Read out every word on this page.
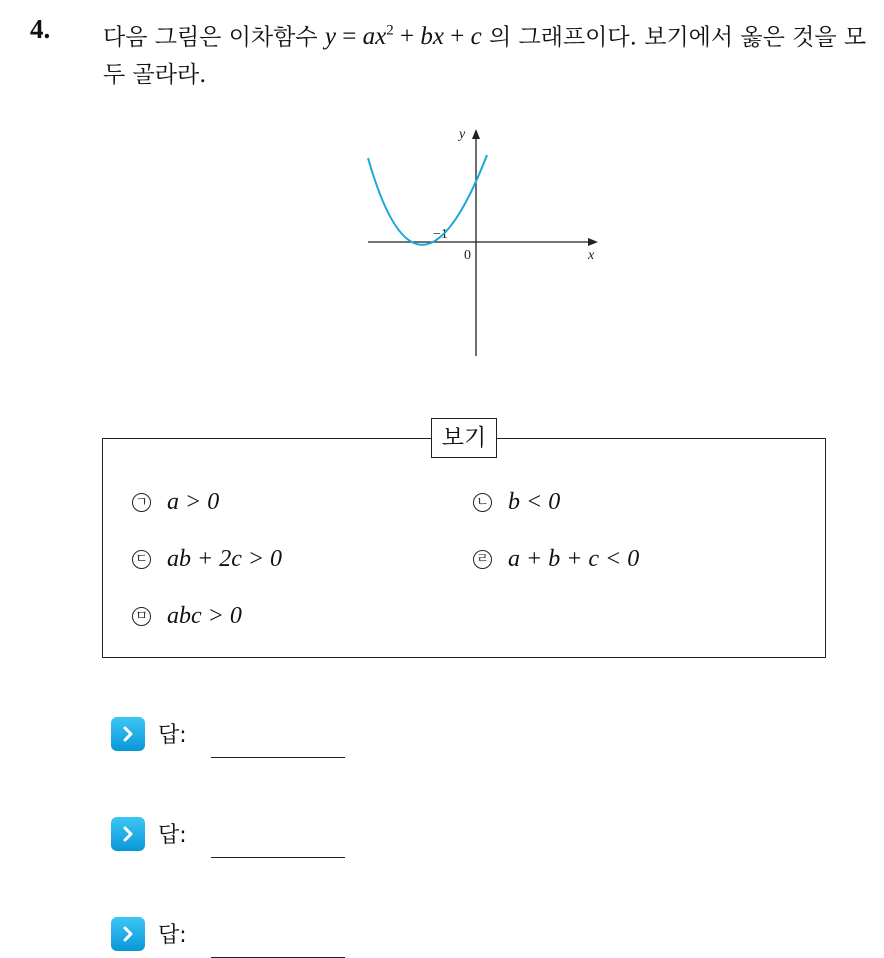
4. 다음 그림은 이차함수 $y = ax^2$ + bx + c 의 그래프이다. 보기에서 옳은 것을 모두 골라라.
y
x
−1
0
보기
ㄱ a > 0	ㄴ b < 0
ㄷ ab + 2c > 0	ㄹ a + b + c < 0
ㅁ abc > 0
답:
답:
답:
